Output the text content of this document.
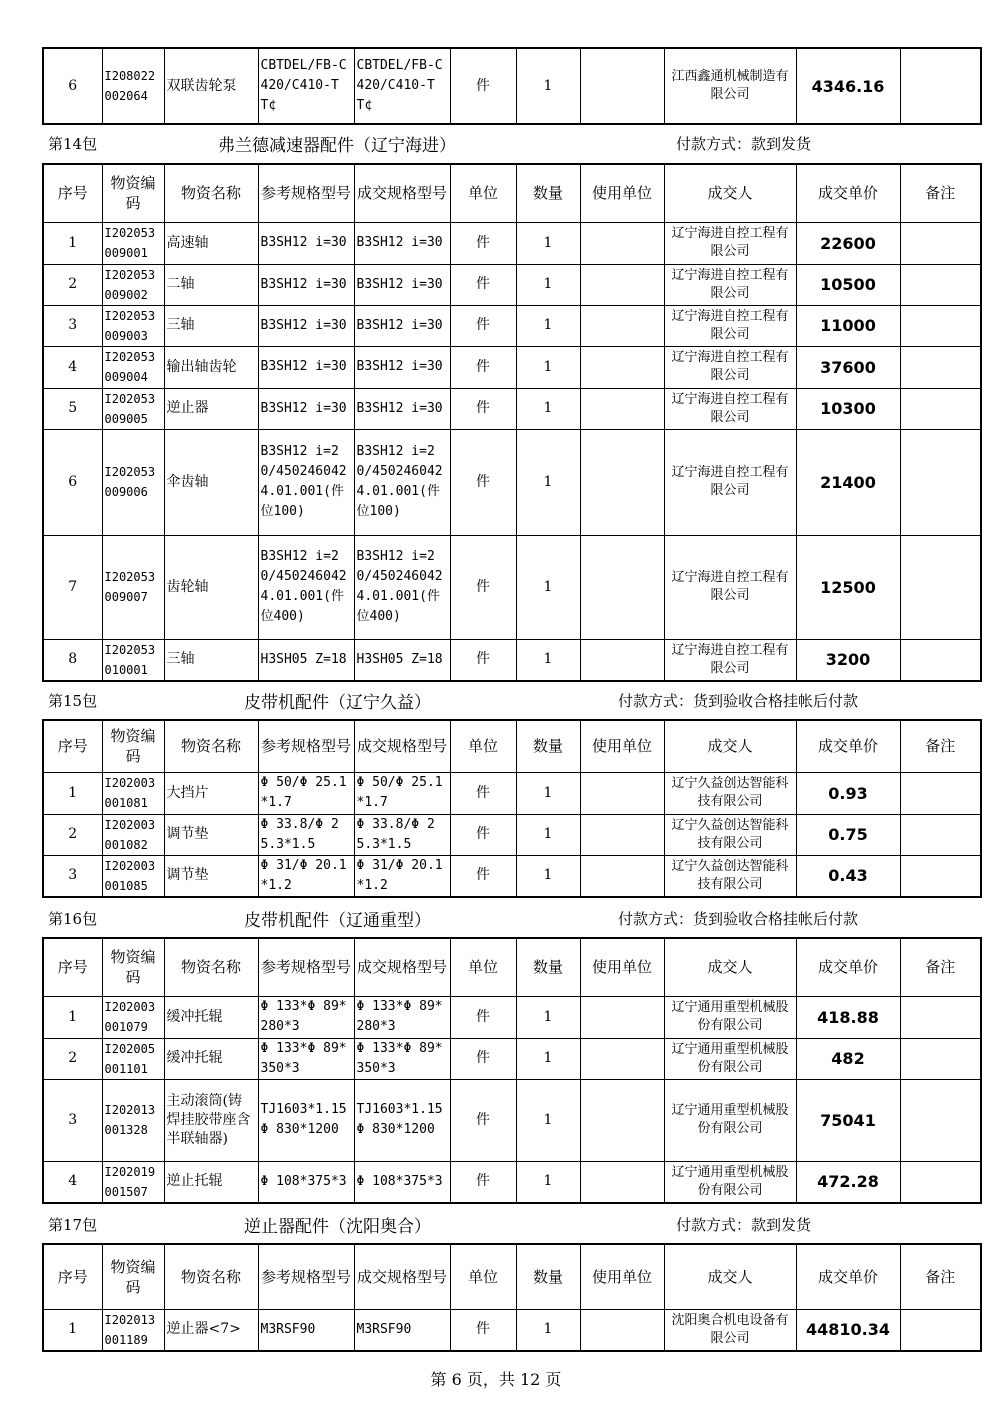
6	I208022002064	双联齿轮泵	CBTDEL/FB-C420/C410-TT¢	CBTDEL/FB-C420/C410-TT¢	件	1		江西鑫通机械制造有限公司	4346.16	
第14包	弗兰德减速器配件（辽宁海进）	付款方式：款到发货
序号	物资编码	物资名称	参考规格型号	成交规格型号	单位	数量	使用单位	成交人	成交单价	备注
1	I202053009001	高速轴	B3SH12 i=30	B3SH12 i=30	件	1		辽宁海进自控工程有限公司	22600	
2	I202053009002	二轴	B3SH12 i=30	B3SH12 i=30	件	1		辽宁海进自控工程有限公司	10500	
3	I202053009003	三轴	B3SH12 i=30	B3SH12 i=30	件	1		辽宁海进自控工程有限公司	11000	
4	I202053009004	输出轴齿轮	B3SH12 i=30	B3SH12 i=30	件	1		辽宁海进自控工程有限公司	37600	
5	I202053009005	逆止器	B3SH12 i=30	B3SH12 i=30	件	1		辽宁海进自控工程有限公司	10300	
6	I202053009006	伞齿轴	B3SH12 i=20/4502460424.01.001(件位100)	B3SH12 i=20/4502460424.01.001(件位100)	件	1		辽宁海进自控工程有限公司	21400	
7	I202053009007	齿轮轴	B3SH12 i=20/4502460424.01.001(件位400)	B3SH12 i=20/4502460424.01.001(件位400)	件	1		辽宁海进自控工程有限公司	12500	
8	I202053010001	三轴	H3SH05 Z=18	H3SH05 Z=18	件	1		辽宁海进自控工程有限公司	3200	
第15包	皮带机配件（辽宁久益）	付款方式：货到验收合格挂帐后付款
序号	物资编码	物资名称	参考规格型号	成交规格型号	单位	数量	使用单位	成交人	成交单价	备注
1	I202003001081	大挡片	Φ 50/Φ 25.1*1.7	Φ 50/Φ 25.1*1.7	件	1		辽宁久益创达智能科技有限公司	0.93	
2	I202003001082	调节垫	Φ 33.8/Φ 25.3*1.5	Φ 33.8/Φ 25.3*1.5	件	1		辽宁久益创达智能科技有限公司	0.75	
3	I202003001085	调节垫	Φ 31/Φ 20.1*1.2	Φ 31/Φ 20.1*1.2	件	1		辽宁久益创达智能科技有限公司	0.43	
第16包	皮带机配件（辽通重型）	付款方式：货到验收合格挂帐后付款
序号	物资编码	物资名称	参考规格型号	成交规格型号	单位	数量	使用单位	成交人	成交单价	备注
1	I202003001079	缓冲托辊	Φ 133*Φ 89*280*3	Φ 133*Φ 89*280*3	件	1		辽宁通用重型机械股份有限公司	418.88	
2	I202005001101	缓冲托辊	Φ 133*Φ 89*350*3	Φ 133*Φ 89*350*3	件	1		辽宁通用重型机械股份有限公司	482	
3	I202013001328	主动滚筒(铸焊挂胶带座含半联轴器)	TJ1603*1.15 Φ 830*1200	TJ1603*1.15 Φ 830*1200	件	1		辽宁通用重型机械股份有限公司	75041	
4	I202019001507	逆止托辊	Φ 108*375*3	Φ 108*375*3	件	1		辽宁通用重型机械股份有限公司	472.28	
第17包	逆止器配件（沈阳奥合）	付款方式：款到发货
序号	物资编码	物资名称	参考规格型号	成交规格型号	单位	数量	使用单位	成交人	成交单价	备注
1	I202013001189	逆止器<7>	M3RSF90	M3RSF90	件	1		沈阳奥合机电设备有限公司	44810.34	
第 6 页，共 12 页
